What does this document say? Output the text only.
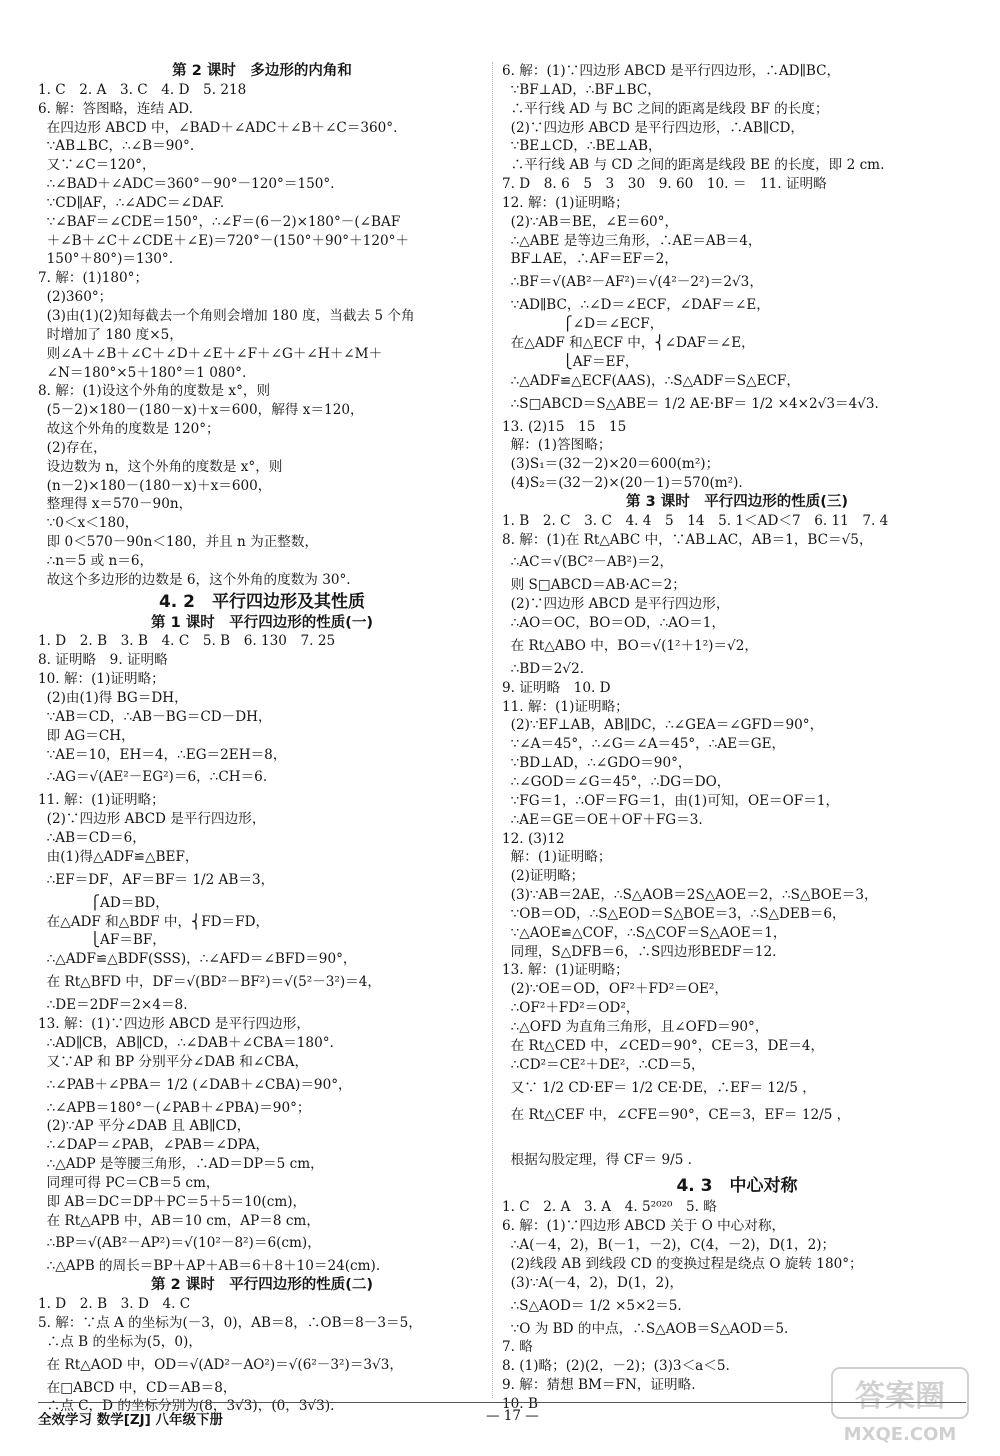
第 2 课时　多边形的内角和
1. C　2. A　3. C　4. D　5. 218
6. 解：答图略，连结 AD.
在四边形 ABCD 中，∠BAD＋∠ADC＋∠B＋∠C＝360°.
∵AB⊥BC，∴∠B＝90°.
又∵∠C＝120°，
∴∠BAD＋∠ADC＝360°－90°－120°＝150°.
∵CD∥AF，∴∠ADC＝∠DAF.
∵∠BAF＝∠CDE＝150°，∴∠F＝(6－2)×180°－(∠BAF
＋∠B＋∠C＋∠CDE＋∠E)＝720°－(150°＋90°＋120°＋
150°＋80°)＝130°.
7. 解：(1)180°；
(2)360°；
(3)由(1)(2)知每截去一个角则会增加 180 度，当截去 5 个角
时增加了 180 度×5，
则∠A＋∠B＋∠C＋∠D＋∠E＋∠F＋∠G＋∠H＋∠M＋
∠N＝180°×5＋180°＝1 080°.
8. 解：(1)设这个外角的度数是 x°，则
(5－2)×180－(180－x)＋x＝600，解得 x＝120，
故这个外角的度数是 120°；
(2)存在，
设边数为 n，这个外角的度数是 x°，则
(n－2)×180－(180－x)＋x＝600，
整理得 x＝570－90n，
∵0＜x＜180，
即 0＜570－90n＜180，并且 n 为正整数，
∴n＝5 或 n＝6，
故这个多边形的边数是 6，这个外角的度数为 30°.
4. 2　平行四边形及其性质
第 1 课时　平行四边形的性质(一)
1. D　2. B　3. B　4. C　5. B　6. 130　7. 25
8. 证明略　9. 证明略
10. 解：(1)证明略；
(2)由(1)得 BG＝DH，
∵AB＝CD，∴AB－BG＝CD－DH，
即 AG＝CH，
∵AE＝10，EH＝4，∴EG＝2EH＝8，
∴AG＝√(AE²－EG²)＝6，∴CH＝6.
11. 解：(1)证明略；
(2)∵四边形 ABCD 是平行四边形，
∴AB＝CD＝6，
由(1)得△ADF≌△BEF，
∴EF＝DF，AF＝BF＝ 1/2 AB＝3，
⎧AD＝BD，
在△ADF 和△BDF 中，⎨FD＝FD，
⎩AF＝BF，
∴△ADF≌△BDF(SSS)，∴∠AFD＝∠BFD＝90°，
在 Rt△BFD 中，DF＝√(BD²－BF²)＝√(5²－3²)＝4，
∴DE＝2DF＝2×4＝8.
13. 解：(1)∵四边形 ABCD 是平行四边形，
∴AD∥CB，AB∥CD，∴∠DAB＋∠CBA＝180°.
又∵AP 和 BP 分别平分∠DAB 和∠CBA，
∴∠PAB＋∠PBA＝ 1/2 (∠DAB＋∠CBA)＝90°，
∴∠APB＝180°－(∠PAB＋∠PBA)＝90°；
(2)∵AP 平分∠DAB 且 AB∥CD，
∴∠DAP＝∠PAB，∠PAB＝∠DPA，
∴△ADP 是等腰三角形，∴AD＝DP＝5 cm，
同理可得 PC＝CB＝5 cm，
即 AB＝DC＝DP＋PC＝5＋5＝10(cm)，
在 Rt△APB 中，AB＝10 cm，AP＝8 cm，
∴BP＝√(AB²－AP²)＝√(10²－8²)＝6(cm)，
∴△APB 的周长＝BP＋AP＋AB＝6＋8＋10＝24(cm).
第 2 课时　平行四边形的性质(二)
1. D　2. B　3. D　4. C
5. 解：∵点 A 的坐标为(－3，0)，AB＝8，∴OB＝8－3＝5，
∴点 B 的坐标为(5，0)，
在 Rt△AOD 中，OD＝√(AD²－AO²)＝√(6²－3²)＝3√3，
在□ABCD 中，CD＝AB＝8，
∴点 C，D 的坐标分别为(8，3√3)，(0，3√3).
6. 解：(1)∵四边形 ABCD 是平行四边形，∴AD∥BC，
∵BF⊥AD，∴BF⊥BC，
∴平行线 AD 与 BC 之间的距离是线段 BF 的长度；
(2)∵四边形 ABCD 是平行四边形，∴AB∥CD，
∵BE⊥CD，∴BE⊥AB，
∴平行线 AB 与 CD 之间的距离是线段 BE 的长度，即 2 cm.
7. D　8. 6　5　3　30　9. 60　10. ＝　11. 证明略
12. 解：(1)证明略；
(2)∵AB＝BE，∠E＝60°，
∴△ABE 是等边三角形，∴AE＝AB＝4，
BF⊥AE，∴AF＝EF＝2，
∴BF＝√(AB²－AF²)＝√(4²－2²)＝2√3，
∵AD∥BC，∴∠D＝∠ECF，∠DAF＝∠E，
⎧∠D＝∠ECF，
在△ADF 和△ECF 中，⎨∠DAF＝∠E，
⎩AF＝EF，
∴△ADF≌△ECF(AAS)，∴S△ADF＝S△ECF，
∴S□ABCD＝S△ABE＝ 1/2 AE·BF＝ 1/2 ×4×2√3＝4√3.
13. (2)15　15　15
解：(1)答图略；
(3)S₁＝(32－2)×20＝600(m²)；
(4)S₂＝(32－2)×(20－1)＝570(m²).
第 3 课时　平行四边形的性质(三)
1. B　2. C　3. C　4. 4　5　14　5. 1＜AD＜7　6. 11　7. 4
8. 解：(1)在 Rt△ABC 中，∵AB⊥AC，AB＝1，BC＝√5，
∴AC＝√(BC²－AB²)＝2，
则 S□ABCD＝AB·AC＝2；
(2)∵四边形 ABCD 是平行四边形，
∴AO＝OC，BO＝OD，∴AO＝1，
在 Rt△ABO 中，BO＝√(1²＋1²)＝√2，
∴BD＝2√2.
9. 证明略　10. D
11. 解：(1)证明略；
(2)∵EF⊥AB，AB∥DC，∴∠GEA＝∠GFD＝90°，
∵∠A＝45°，∴∠G＝∠A＝45°，∴AE＝GE，
∵BD⊥AD，∴∠GDO＝90°，
∴∠GOD＝∠G＝45°，∴DG＝DO，
∵FG＝1，∴OF＝FG＝1，由(1)可知，OE＝OF＝1，
∴AE＝GE＝OE＋OF＋FG＝3.
12. (3)12
解：(1)证明略；
(2)证明略；
(3)∵AB＝2AE，∴S△AOB＝2S△AOE＝2，∴S△BOE＝3，
∵OB＝OD，∴S△EOD＝S△BOE＝3，∴S△DEB＝6，
∵△AOE≌△COF，∴S△COF＝S△AOE＝1，
同理，S△DFB＝6，∴S四边形BEDF＝12.
13. 解：(1)证明略；
(2)∵OE＝OD，OF²＋FD²＝OE²，
∴OF²＋FD²＝OD²，
∴△OFD 为直角三角形，且∠OFD＝90°，
在 Rt△CED 中，∠CED＝90°，CE＝3，DE＝4，
∴CD²＝CE²＋DE²，∴CD＝5，
又∵ 1/2 CD·EF＝ 1/2 CE·DE，∴EF＝ 12/5 ，
在 Rt△CEF 中，∠CFE＝90°，CE＝3，EF＝ 12/5 ，
根据勾股定理，得 CF＝ 9/5 .
4. 3　中心对称
1. C　2. A　3. A　4. 5²⁰²⁰　5. 略
6. 解：(1)∵四边形 ABCD 关于 O 中心对称，
∴A(－4，2)，B(－1，－2)，C(4，－2)，D(1，2)；
(2)线段 AB 到线段 CD 的变换过程是绕点 O 旋转 180°；
(3)∵A(－4，2)，D(1，2)，
∴S△AOD＝ 1/2 ×5×2＝5.
∵O 为 BD 的中点，∴S△AOB＝S△AOD＝5.
7. 略
8. (1)略；(2)(2，－2)；(3)3＜a＜5.
9. 解：猜想 BM＝FN，证明略.
10. B
全效学习 数学[ZJ] 八年级下册	— 17 —
答案圈
MXQE.COM
